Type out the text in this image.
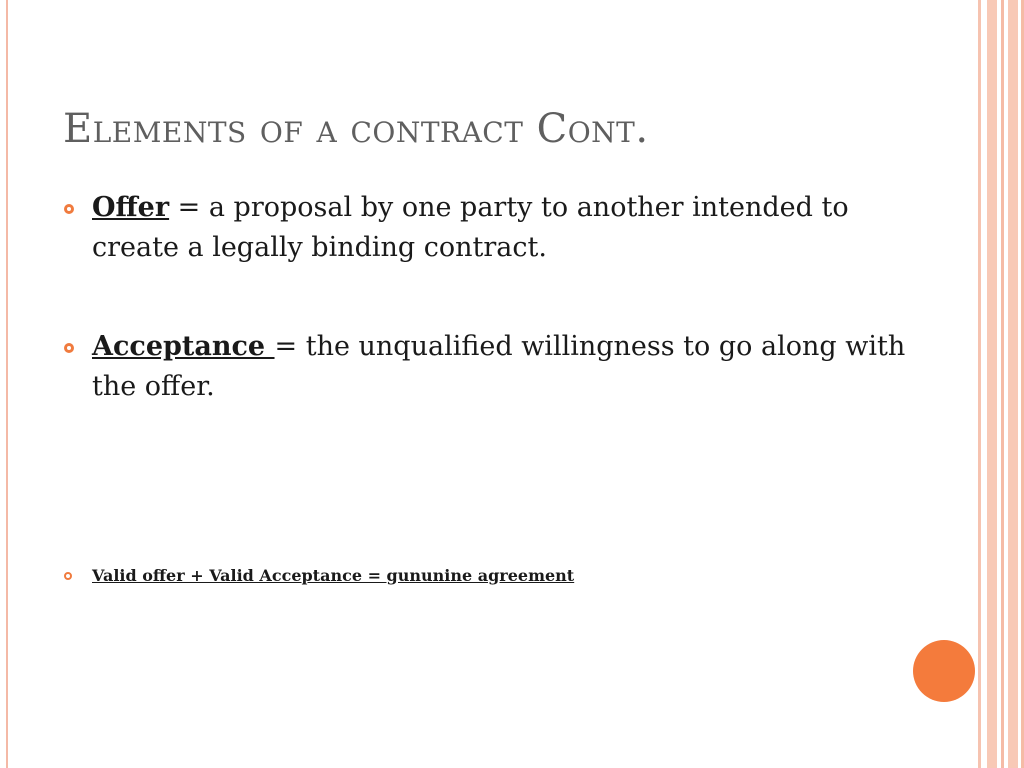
Elements of a contract Cont.
Offer = a proposal by one party to another intended to create a legally binding contract.
Acceptance = the unqualified willingness to go along with the offer.
Valid offer + Valid Acceptance = gununine agreement
